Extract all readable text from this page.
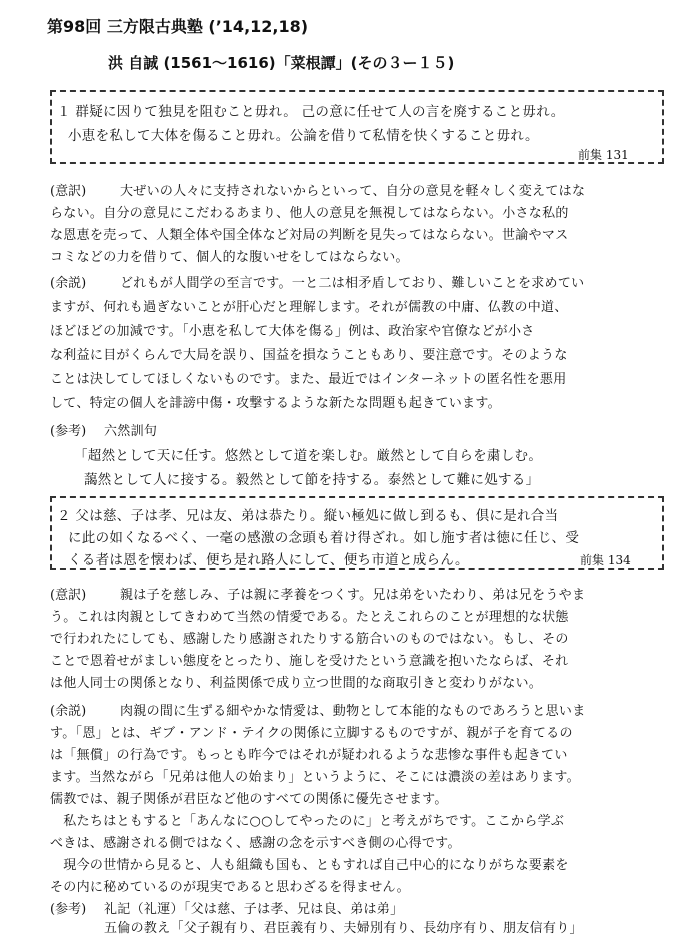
第98回 三方限古典塾 (’14,12,18)
洪 自誠 (1561〜1616)「菜根譚」(その３ー１５)
１ 群疑に因りて独見を阻むこと毋れ。 己の意に任せて人の言を廃すること毋れ。
小恵を私して大体を傷ること毋れ。公論を借りて私情を快くすること毋れ。
前集 131
(意訳)	大ぜいの人々に支持されないからといって、自分の意見を軽々しく変えてはな
らない。自分の意見にこだわるあまり、他人の意見を無視してはならない。小さな私的
な恩恵を売って、人類全体や国全体など対局の判断を見失ってはならない。世論やマス
コミなどの力を借りて、個人的な腹いせをしてはならない。
(余説)	どれもが人間学の至言です。一と二は相矛盾しており、難しいことを求めてい
ますが、何れも過ぎないことが肝心だと理解します。それが儒教の中庸、仏教の中道、
ほどほどの加減です。「小恵を私して大体を傷る」例は、政治家や官僚などが小さ
な利益に目がくらんで大局を誤り、国益を損なうこともあり、要注意です。そのような
ことは決してしてほしくないものです。また、最近ではインターネットの匿名性を悪用
して、特定の個人を誹謗中傷・攻撃するような新たな問題も起きています。
(参考) 六然訓句
「超然として天に任す。悠然として道を楽しむ。厳然として自らを粛しむ。
藹然として人に接する。毅然として節を持する。泰然として難に処する」
２ 父は慈、子は孝、兄は友、弟は恭たり。縦い極処に做し到るも、倶に是れ合当
に此の如くなるべく、一毫の感激の念頭も着け得ざれ。如し施す者は徳に任じ、受
くる者は恩を懐わば、便ち是れ路人にして、便ち市道と成らん。	前集 134
(意訳)	親は子を慈しみ、子は親に孝養をつくす。兄は弟をいたわり、弟は兄をうやま
う。これは肉親としてきわめて当然の情愛である。たとえこれらのことが理想的な状態
で行われたにしても、感謝したり感謝されたりする筋合いのものではない。もし、その
ことで恩着せがましい態度をとったり、施しを受けたという意識を抱いたならば、それ
は他人同士の関係となり、利益関係で成り立つ世間的な商取引きと変わりがない。
(余説)	肉親の間に生ずる細やかな情愛は、動物として本能的なものであろうと思いま
す。「恩」とは、ギブ・アンド・テイクの関係に立脚するものですが、親が子を育てるの
は「無償」の行為です。もっとも昨今ではそれが疑われるような悲惨な事件も起きてい
ます。当然ながら「兄弟は他人の始まり」というように、そこには濃淡の差はあります。
儒教では、親子関係が君臣など他のすべての関係に優先させます。
　私たちはともすると「あんなに○○してやったのに」と考えがちです。ここから学ぶ
べきは、感謝される側ではなく、感謝の念を示すべき側の心得です。
　現今の世情から見ると、人も組織も国も、ともすれば自己中心的になりがちな要素を
その内に秘めているのが現実であると思わざるを得ません。
(参考) 礼記（礼運）「父は慈、子は孝、兄は良、弟は弟」
五倫の教え「父子親有り、君臣義有り、夫婦別有り、長幼序有り、朋友信有り」
